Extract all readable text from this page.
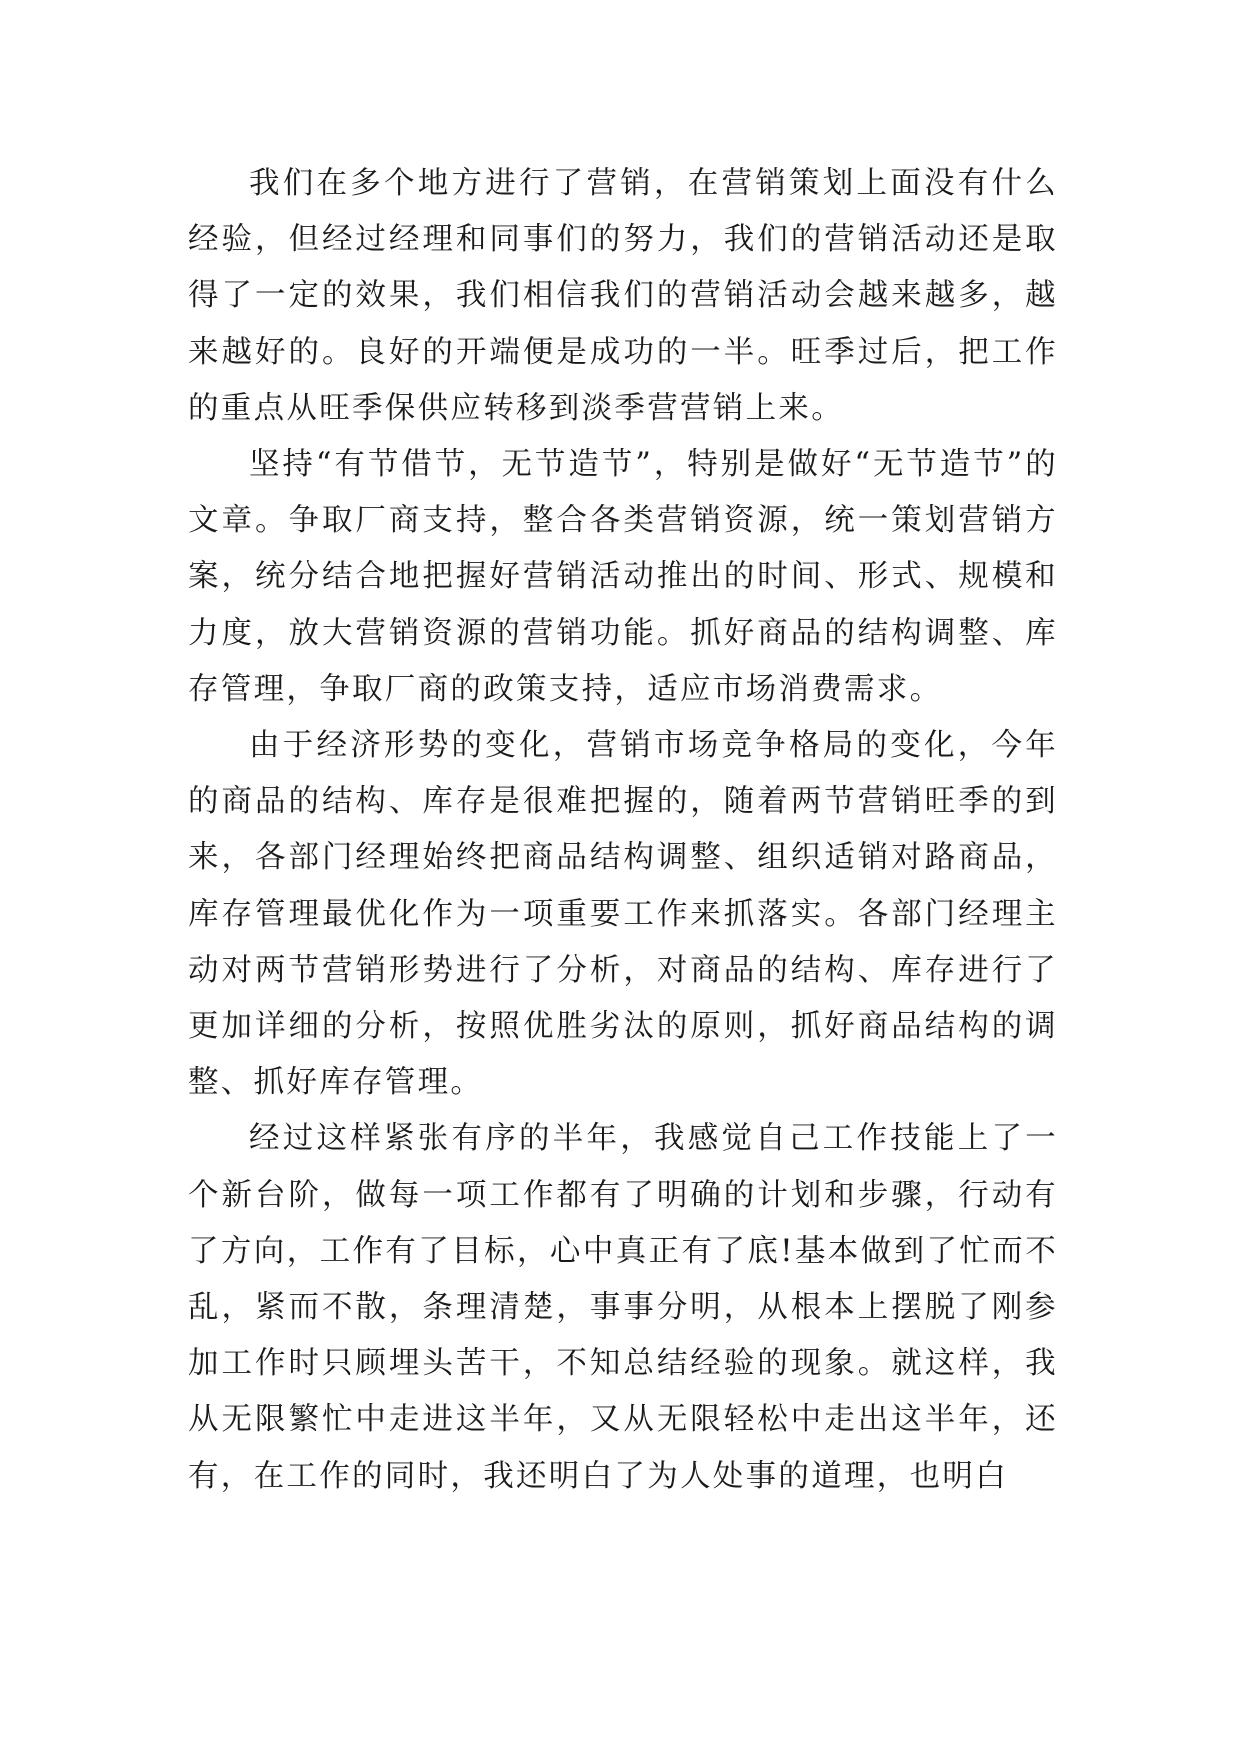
我们在多个地方进行了营销，在营销策划上面没有什么经验，但经过经理和同事们的努力，我们的营销活动还是取得了一定的效果，我们相信我们的营销活动会越来越多，越来越好的。良好的开端便是成功的一半。旺季过后，把工作的重点从旺季保供应转移到淡季营营销上来。

坚持“有节借节，无节造节”，特别是做好“无节造节”的文章。争取厂商支持，整合各类营销资源，统一策划营销方案，统分结合地把握好营销活动推出的时间、形式、规模和力度，放大营销资源的营销功能。抓好商品的结构调整、库存管理，争取厂商的政策支持，适应市场消费需求。

由于经济形势的变化，营销市场竞争格局的变化，今年的商品的结构、库存是很难把握的，随着两节营销旺季的到来，各部门经理始终把商品结构调整、组织适销对路商品，库存管理最优化作为一项重要工作来抓落实。各部门经理主动对两节营销形势进行了分析，对商品的结构、库存进行了更加详细的分析，按照优胜劣汰的原则，抓好商品结构的调整、抓好库存管理。

经过这样紧张有序的半年，我感觉自己工作技能上了一个新台阶，做每一项工作都有了明确的计划和步骤，行动有了方向，工作有了目标，心中真正有了底!基本做到了忙而不乱，紧而不散，条理清楚，事事分明，从根本上摆脱了刚参加工作时只顾埋头苦干，不知总结经验的现象。就这样，我从无限繁忙中走进这半年，又从无限轻松中走出这半年，还有，在工作的同时，我还明白了为人处事的道理，也明白
